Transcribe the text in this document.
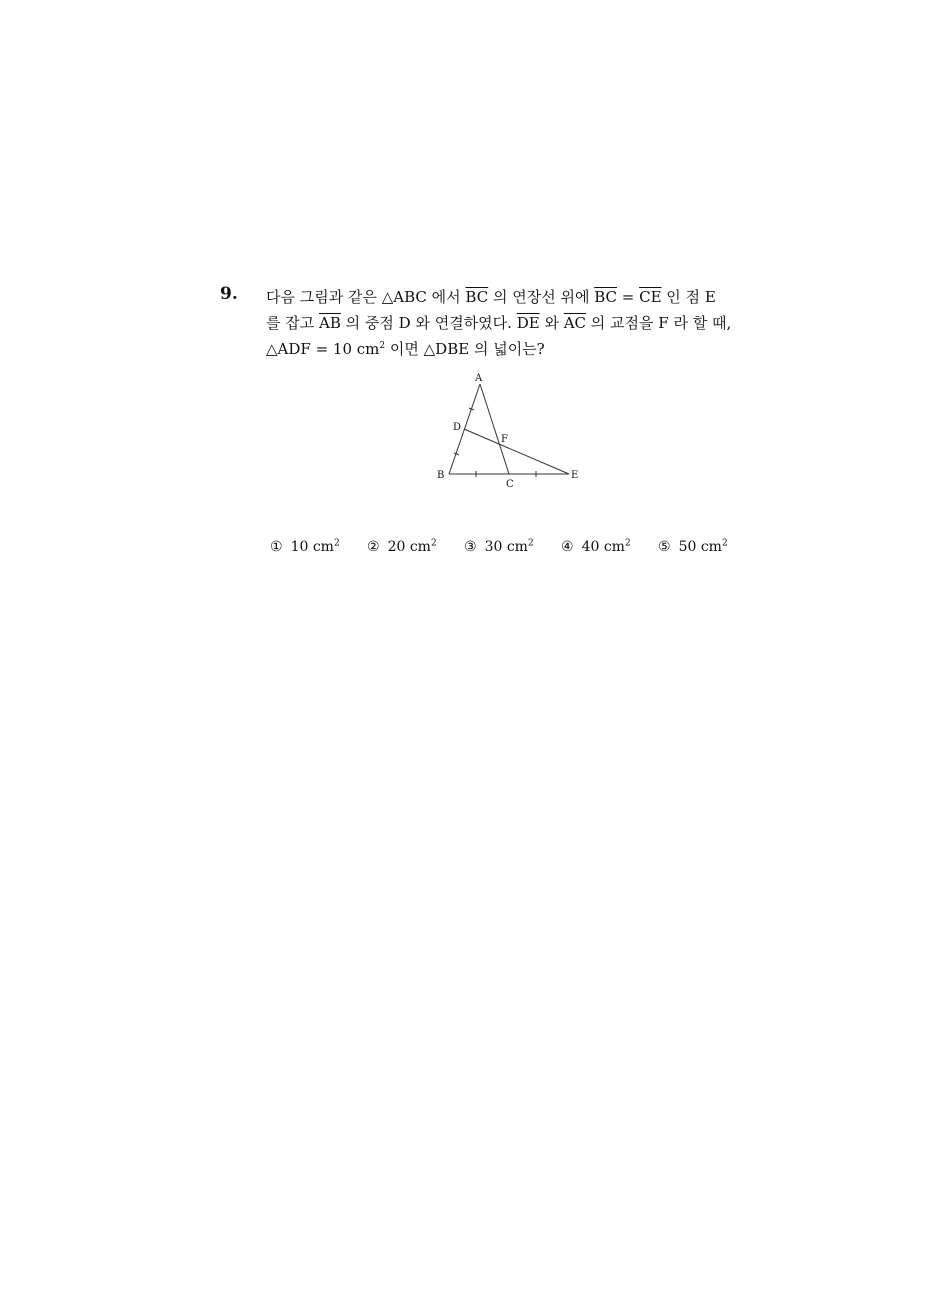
9. 다음 그림과 같은 △ABC 에서 $\overline{BC}$ 의 연장선 위에 $\overline{BC} = \overline{CE}$ 인 점 E
를 잡고 $\overline{AB}$ 의 중점 D 와 연결하였다. $\overline{DE}$ 와 $\overline{AC}$ 의 교점을 F 라 할 때,
△ADF = 10 $cm^2$ 이면 △DBE 의 넓이는?
A
D
F
B
C
E
① 10 $cm^2$ ② 20 $cm^2$ ③ 30 $cm^2$ ④ 40 $cm^2$ ⑤ 50 $cm^2$
